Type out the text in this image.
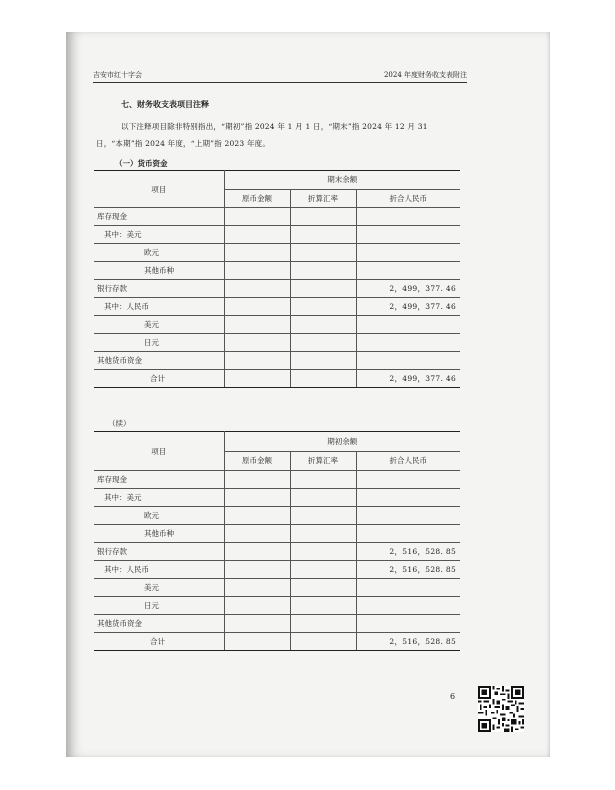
吉安市红十字会	2024 年度财务收支表附注
七、财务收支表项目注释
以下注释项目除非特别指出，“期初”指 2024 年 1 月 1 日，“期末”指 2024 年 12 月 31
日，“本期”指 2024 年度，“上期”指 2023 年度。
（一）货币资金
项目	期末余额		
	原币金额	折算汇率	折合人民币
库存现金			
其中：美元			
欧元			
其他币种			
银行存款			2，499，377. 46
其中：人民币			2，499，377. 46
美元			
日元			
其他货币资金			
合计			2，499，377. 46
（续）
项目	期初余额		
	原币金额	折算汇率	折合人民币
库存现金			
其中：美元			
欧元			
其他币种			
银行存款			2，516，528. 85
其中：人民币			2，516，528. 85
美元			
日元			
其他货币资金			
合计			2，516，528. 85
6
